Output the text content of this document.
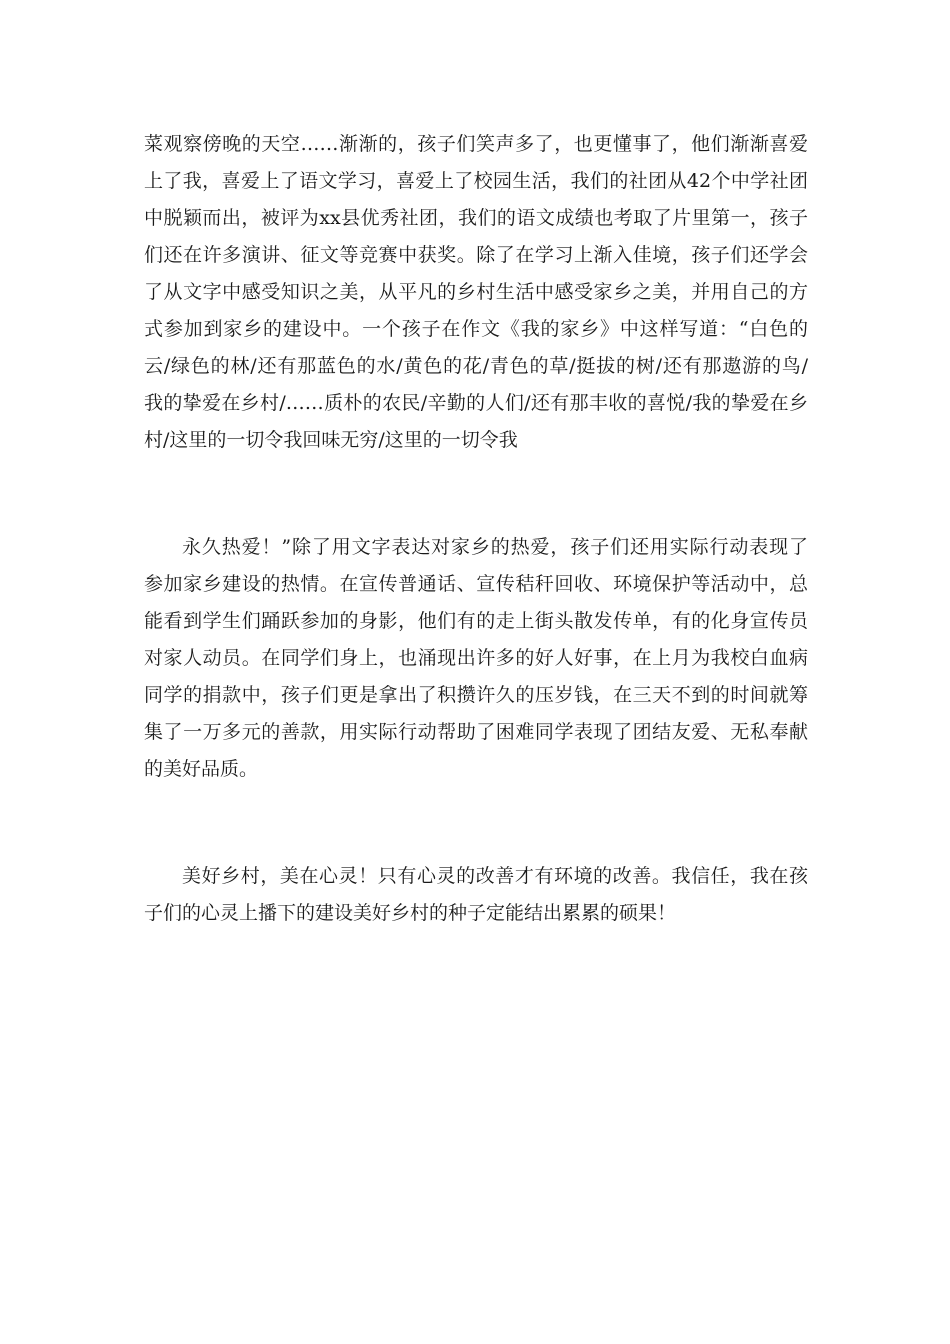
菜观察傍晚的天空……渐渐的，孩子们笑声多了，也更懂事了，他们渐渐喜爱
上了我，喜爱上了语文学习，喜爱上了校园生活，我们的社团从42个中学社团
中脱颖而出，被评为xx县优秀社团，我们的语文成绩也考取了片里第一，孩子
们还在许多演讲、征文等竞赛中获奖。除了在学习上渐入佳境，孩子们还学会
了从文字中感受知识之美，从平凡的乡村生活中感受家乡之美，并用自己的方
式参加到家乡的建设中。一个孩子在作文《我的家乡》中这样写道：“白色的
云/绿色的林/还有那蓝色的水/黄色的花/青色的草/挺拔的树/还有那遨游的鸟/
我的挚爱在乡村/……质朴的农民/辛勤的人们/还有那丰收的喜悦/我的挚爱在乡
村/这里的一切令我回味无穷/这里的一切令我
永久热爱！”除了用文字表达对家乡的热爱，孩子们还用实际行动表现了
参加家乡建设的热情。在宣传普通话、宣传秸秆回收、环境保护等活动中，总
能看到学生们踊跃参加的身影，他们有的走上街头散发传单，有的化身宣传员
对家人动员。在同学们身上，也涌现出许多的好人好事，在上月为我校白血病
同学的捐款中，孩子们更是拿出了积攒许久的压岁钱，在三天不到的时间就筹
集了一万多元的善款，用实际行动帮助了困难同学表现了团结友爱、无私奉献
的美好品质。
美好乡村，美在心灵！只有心灵的改善才有环境的改善。我信任，我在孩
子们的心灵上播下的建设美好乡村的种子定能结出累累的硕果！
